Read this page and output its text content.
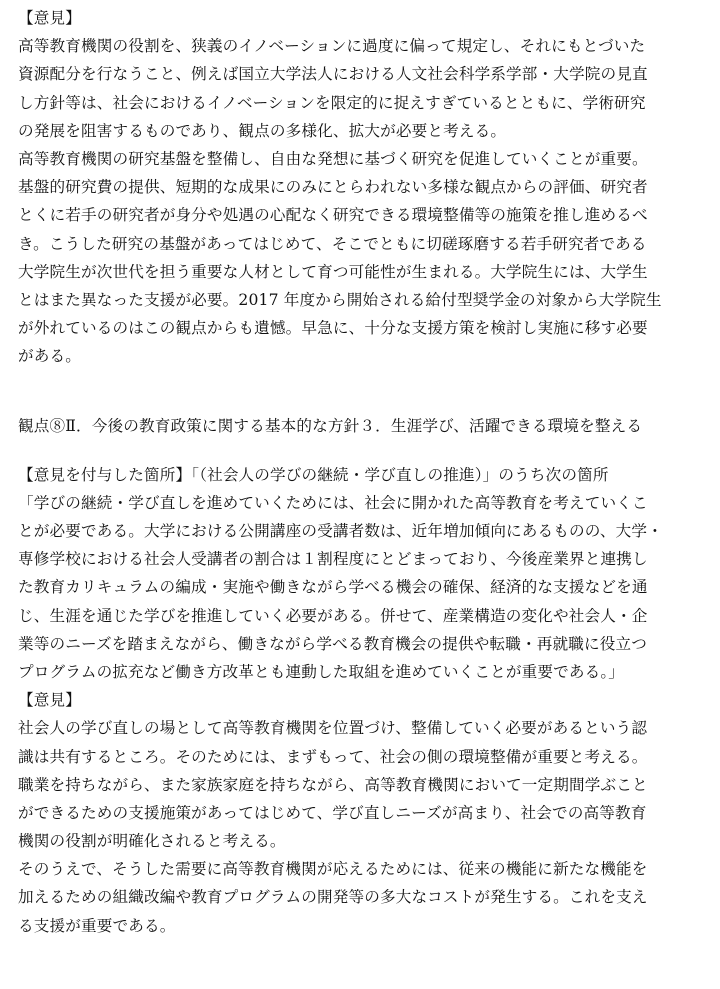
【意見】
高等教育機関の役割を、狭義のイノベーションに過度に偏って規定し、それにもとづいた
資源配分を行なうこと、例えば国立大学法人における人文社会科学系学部・大学院の見直
し方針等は、社会におけるイノベーションを限定的に捉えすぎているとともに、学術研究
の発展を阻害するものであり、観点の多様化、拡大が必要と考える。
高等教育機関の研究基盤を整備し、自由な発想に基づく研究を促進していくことが重要。
基盤的研究費の提供、短期的な成果にのみにとらわれない多様な観点からの評価、研究者
とくに若手の研究者が身分や処遇の心配なく研究できる環境整備等の施策を推し進めるべ
き。こうした研究の基盤があってはじめて、そこでともに切磋琢磨する若手研究者である
大学院生が次世代を担う重要な人材として育つ可能性が生まれる。大学院生には、大学生
とはまた異なった支援が必要。2017 年度から開始される給付型奨学金の対象から大学院生
が外れているのはこの観点からも遺憾。早急に、十分な支援方策を検討し実施に移す必要
がある。
観点⑧Ⅱ．今後の教育政策に関する基本的な方針３．生涯学び、活躍できる環境を整える
【意見を付与した箇所】「（社会人の学びの継続・学び直しの推進）」のうち次の箇所
「学びの継続・学び直しを進めていくためには、社会に開かれた高等教育を考えていくこ
とが必要である。大学における公開講座の受講者数は、近年増加傾向にあるものの、大学・
専修学校における社会人受講者の割合は１割程度にとどまっており、今後産業界と連携し
た教育カリキュラムの編成・実施や働きながら学べる機会の確保、経済的な支援などを通
じ、生涯を通じた学びを推進していく必要がある。併せて、産業構造の変化や社会人・企
業等のニーズを踏まえながら、働きながら学べる教育機会の提供や転職・再就職に役立つ
プログラムの拡充など働き方改革とも連動した取組を進めていくことが重要である。」
【意見】
社会人の学び直しの場として高等教育機関を位置づけ、整備していく必要があるという認
識は共有するところ。そのためには、まずもって、社会の側の環境整備が重要と考える。
職業を持ちながら、また家族家庭を持ちながら、高等教育機関において一定期間学ぶこと
ができるための支援施策があってはじめて、学び直しニーズが高まり、社会での高等教育
機関の役割が明確化されると考える。
そのうえで、そうした需要に高等教育機関が応えるためには、従来の機能に新たな機能を
加えるための組織改編や教育プログラムの開発等の多大なコストが発生する。これを支え
る支援が重要である。
